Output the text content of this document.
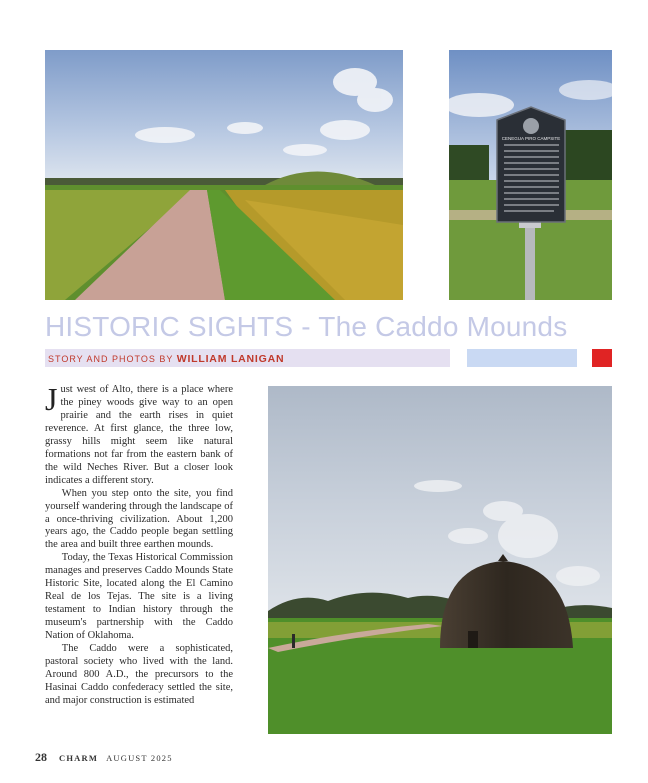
CENEGUA PIRO CAMPSITE
HISTORIC SIGHTS - The Caddo Mounds
STORY AND PHOTOS BY WILLIAM LANIGAN

Just west of Alto, there is a place where the piney woods give way to an open prairie and the earth rises in quiet reverence. At first glance, the three low, grassy hills might seem like natural formations not far from the eastern bank of the wild Neches River. But a closer look indicates a different story.

When you step onto the site, you find yourself wandering through the landscape of a once-thriving civilization. About 1,200 years ago, the Caddo people began settling the area and built three earthen mounds.

Today, the Texas Historical Commission manages and preserves Caddo Mounds State Historic Site, located along the El Camino Real de los Tejas. The site is a living testament to Indian history through the museum's partnership with the Caddo Nation of Oklahoma.

The Caddo were a sophisticated, pastoral society who lived with the land. Around 800 A.D., the precursors to the Hasinai Caddo confederacy settled the site, and major construction is estimated

28 CHARM AUGUST 2025
